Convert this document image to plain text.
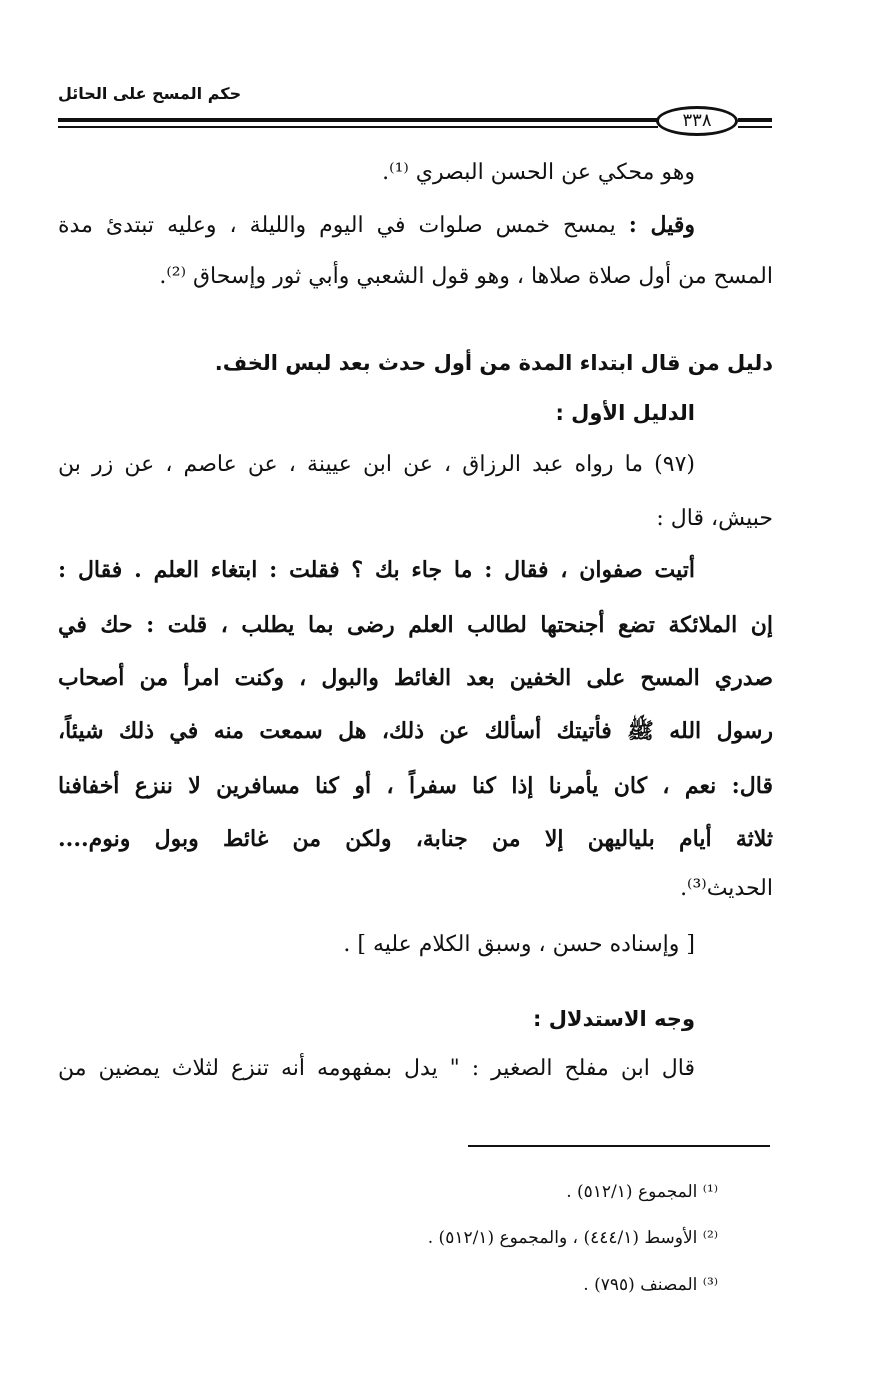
حكم المسح على الحائل
٣٣٨
وهو محكي عن الحسن البصري ⁽¹⁾.
وقيل : يمسح خمس صلوات في اليوم والليلة ، وعليه تبتدئ مدة
المسح من أول صلاة صلاها ، وهو قول الشعبي وأبي ثور وإسحاق ⁽²⁾.
دليل من قال ابتداء المدة من أول حدث بعد لبس الخف.
الدليل الأول :
(٩٧) ما رواه عبد الرزاق ، عن ابن عيينة ، عن عاصم ، عن زر بن
حبيش، قال :
أتيت صفوان ، فقال : ما جاء بك ؟ فقلت : ابتغاء العلم . فقال :
إن الملائكة تضع أجنحتها لطالب العلم رضى بما يطلب ، قلت : حك في
صدري المسح على الخفين بعد الغائط والبول ، وكنت امرأ من أصحاب
رسول الله ﷺ فأتيتك أسألك عن ذلك، هل سمعت منه في ذلك شيئاً،
قال: نعم ، كان يأمرنا إذا كنا سفراً ، أو كنا مسافرين لا ننزع أخفافنا
ثلاثة أيام بلياليهن إلا من جنابة، ولكن من غائط وبول ونوم....
الحديث⁽³⁾.
[ وإسناده حسن ، وسبق الكلام عليه ] .
وجه الاستدلال :
قال ابن مفلح الصغير : " يدل بمفهومه أنه تنزع لثلاث يمضين من
⁽¹⁾ المجموع (٥١٢/١) .
⁽²⁾ الأوسط (٤٤٤/١) ، والمجموع (٥١٢/١) .
⁽³⁾ المصنف (٧٩٥) .
